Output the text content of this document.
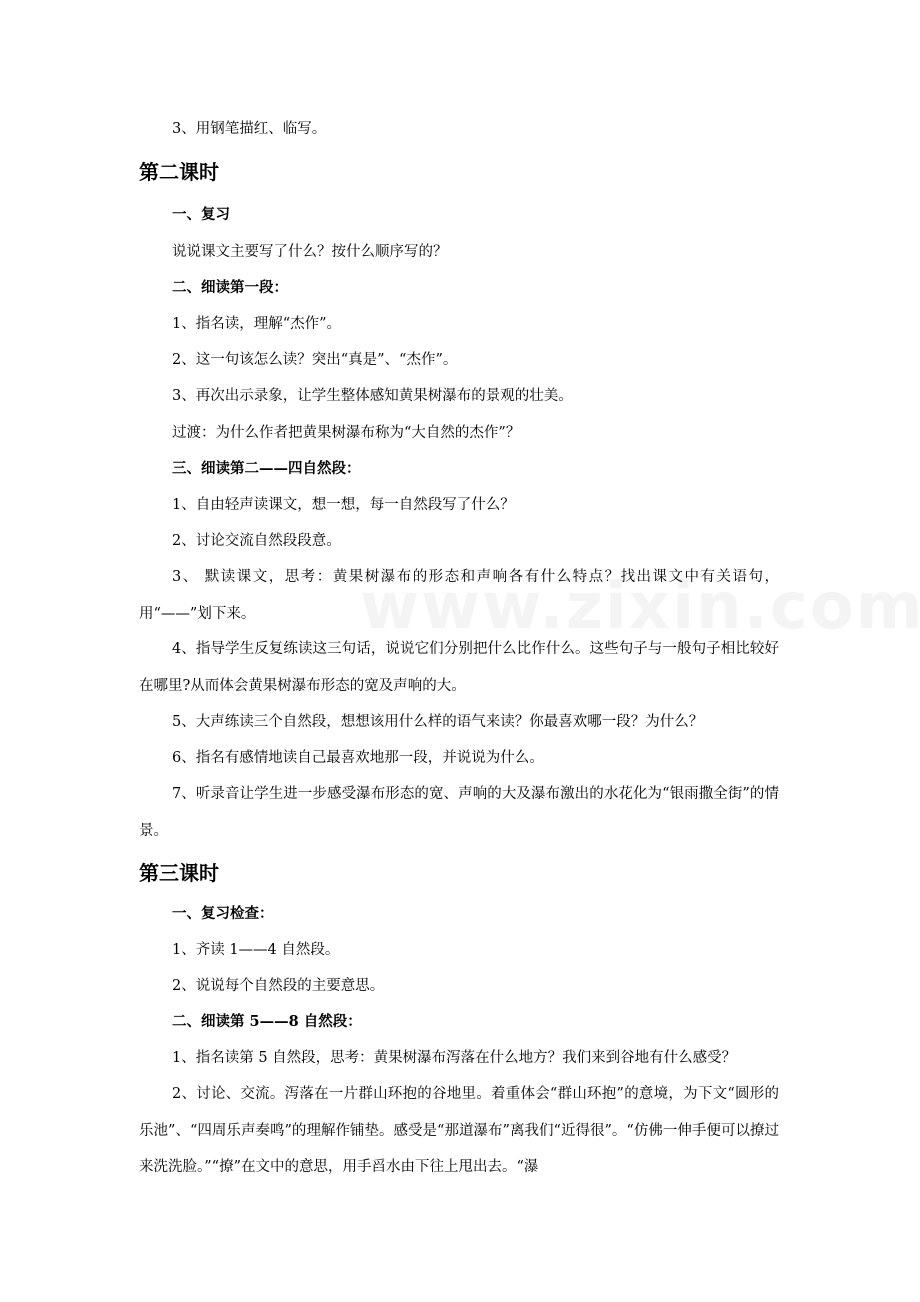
3、用钢笔描红、临写。
第二课时
一、复习
说说课文主要写了什么？按什么顺序写的？
二、细读第一段：
1、指名读，理解“杰作”。
2、这一句该怎么读？突出“真是”、“杰作”。
3、再次出示录象，让学生整体感知黄果树瀑布的景观的壮美。
过渡：为什么作者把黄果树瀑布称为“大自然的杰作”？
三、细读第二——四自然段：
1、自由轻声读课文，想一想，每一自然段写了什么？
2、讨论交流自然段段意。
3、 默读课文，思考：黄果树瀑布的形态和声响各有什么特点？找出课文中有关语句，用“——”划下来。
4、指导学生反复练读这三句话，说说它们分别把什么比作什么。这些句子与一般句子相比较好在哪里?从而体会黄果树瀑布形态的宽及声响的大。
5、大声练读三个自然段，想想该用什么样的语气来读？你最喜欢哪一段？为什么？
6、指名有感情地读自己最喜欢地那一段，并说说为什么。
7、听录音让学生进一步感受瀑布形态的宽、声响的大及瀑布激出的水花化为“银雨撒全街”的情景。
第三课时
一、复习检查：
1、齐读 1——4 自然段。
2、说说每个自然段的主要意思。
二、细读第 5——8 自然段：
1、指名读第 5 自然段，思考：黄果树瀑布泻落在什么地方？我们来到谷地有什么感受？
2、讨论、交流。泻落在一片群山环抱的谷地里。着重体会“群山环抱”的意境，为下文“圆形的乐池”、“四周乐声奏鸣”的理解作铺垫。感受是“那道瀑布”离我们“近得很”。“仿佛一伸手便可以撩过来洗洗脸。”“撩”在文中的意思，用手舀水由下往上甩出去。“瀑
